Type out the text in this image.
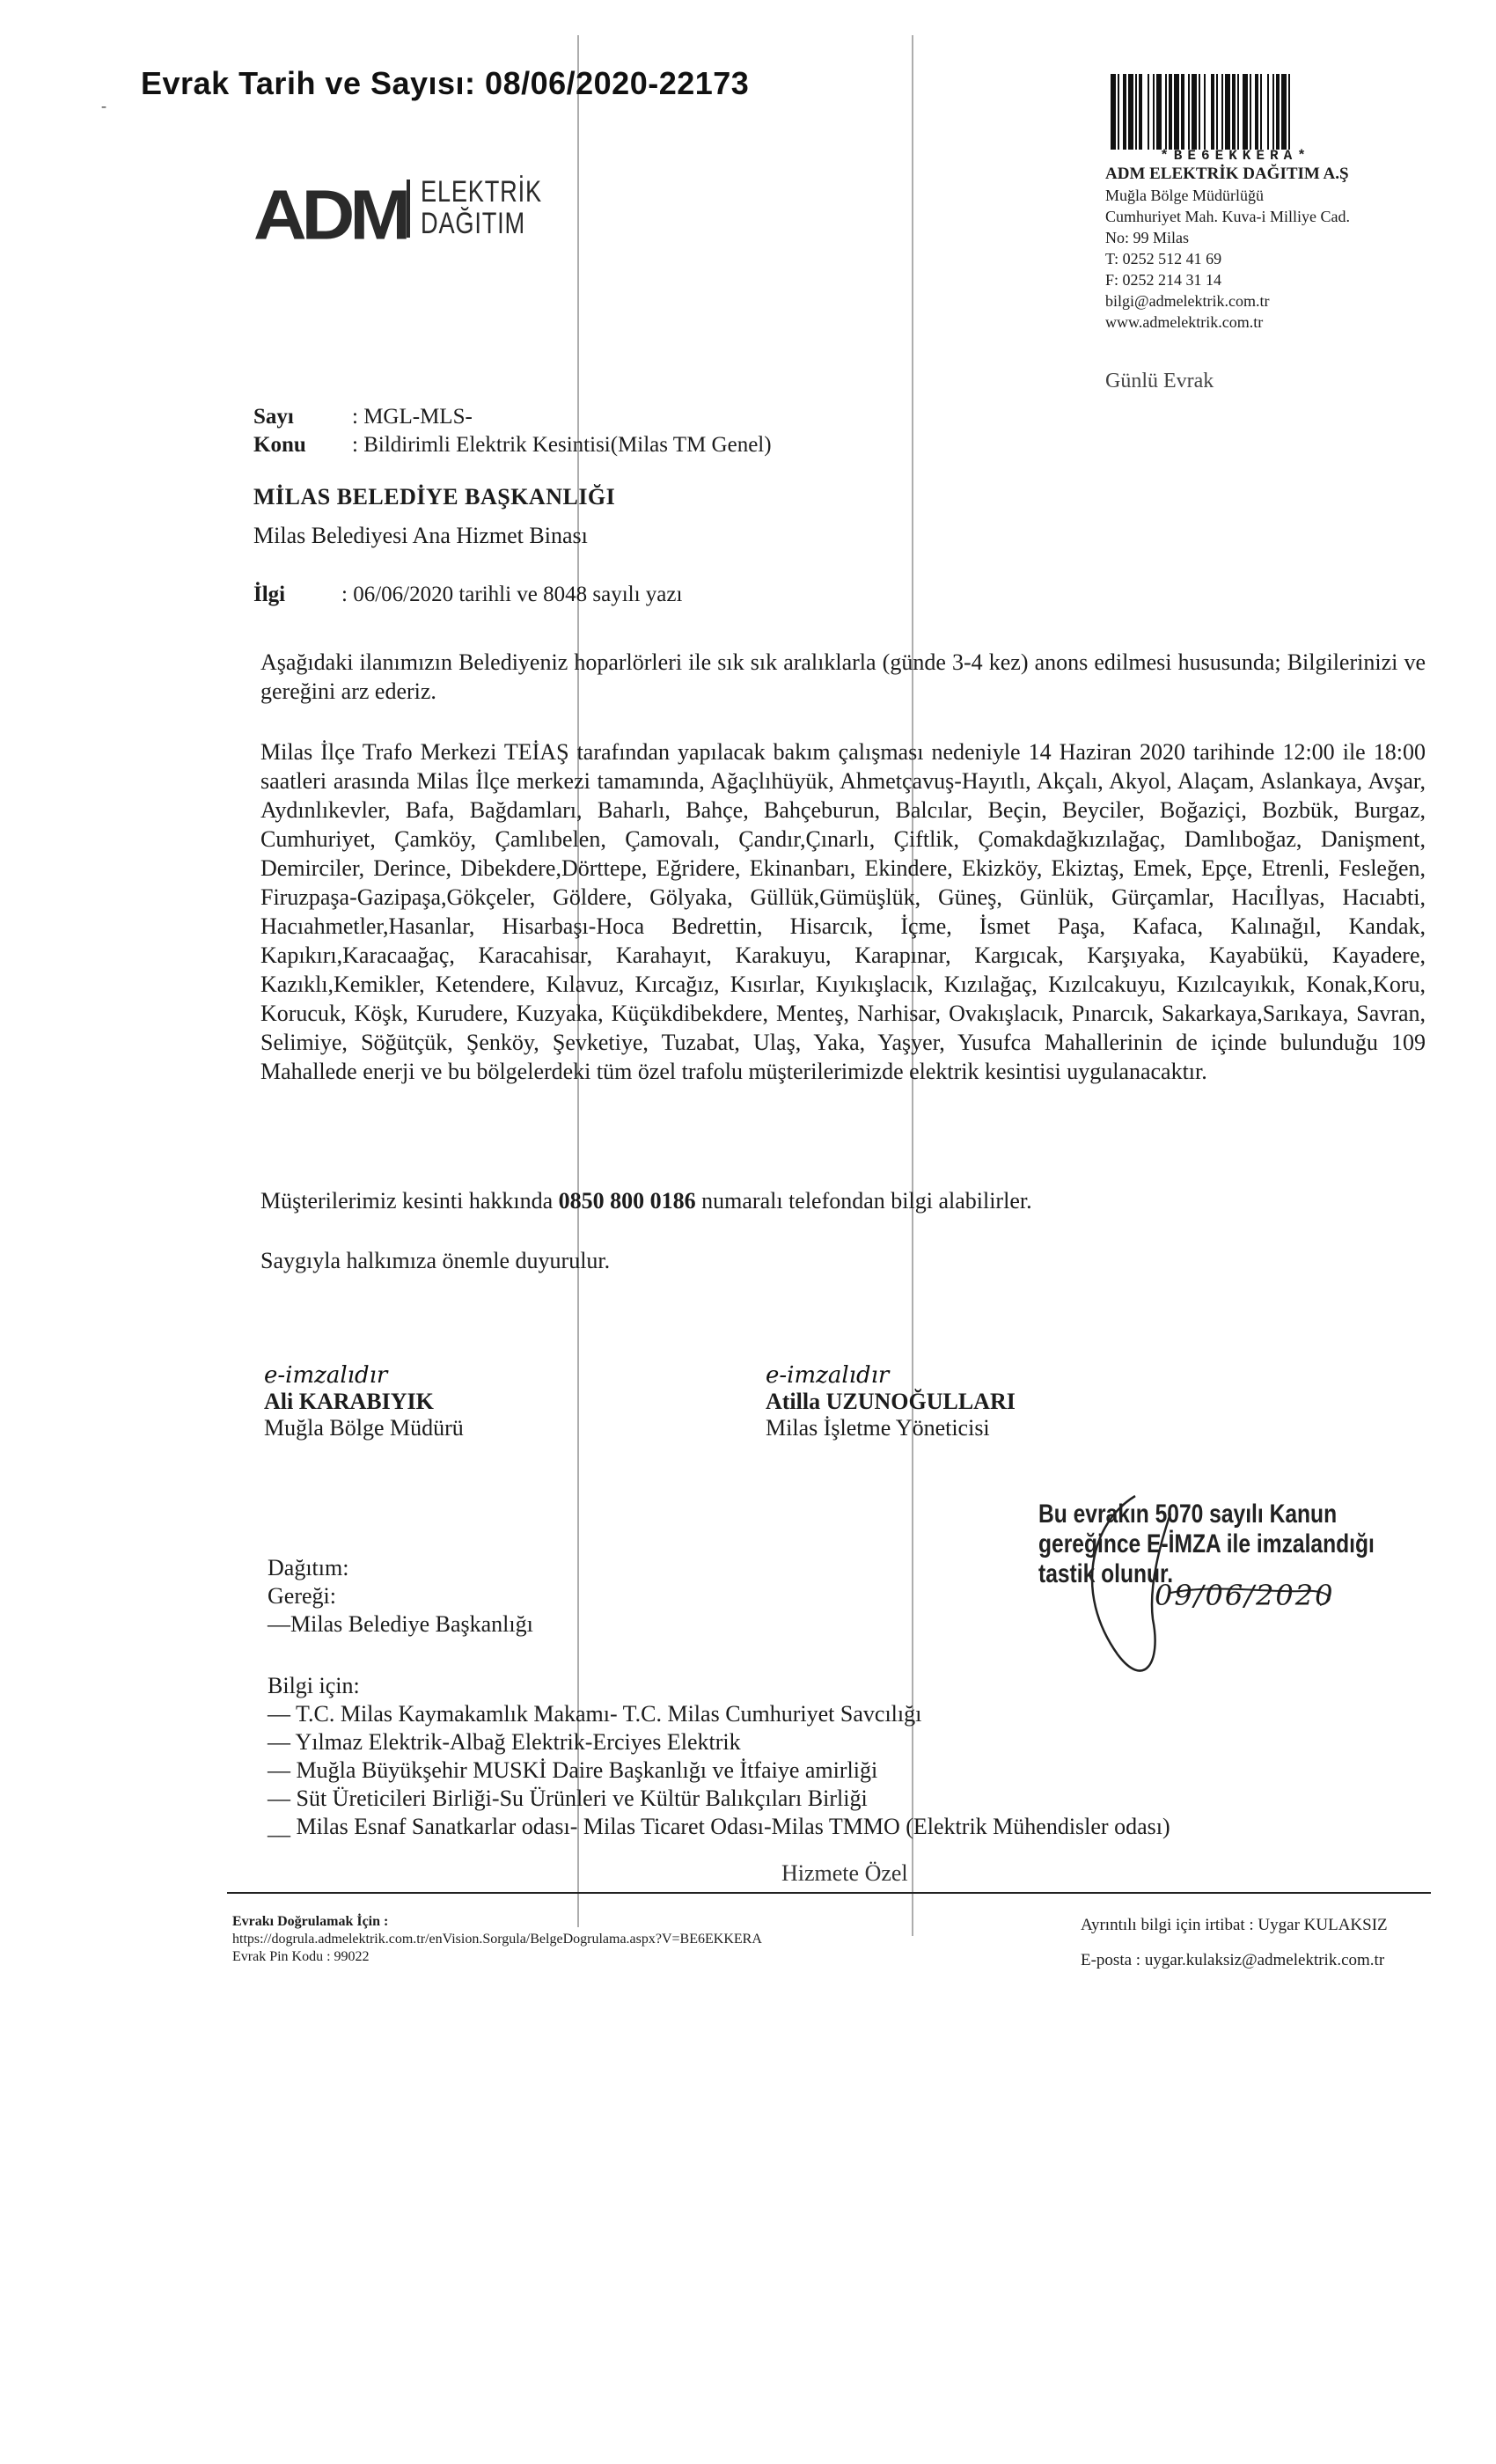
‑
Evrak Tarih ve Sayısı: 08/06/2020-22173
ADM ELEKTRİK
DAĞITIM
*BE6EKKERA*
ADM ELEKTRİK DAĞITIM A.Ş
Muğla Bölge Müdürlüğü
Cumhuriyet Mah. Kuva-i Milliye Cad.
No: 99 Milas
T: 0252 512 41 69
F: 0252 214 31 14
bilgi@admelektrik.com.tr
www.admelektrik.com.tr
Günlü Evrak
Sayı	: MGL-MLS-
Konu : Bildirimli Elektrik Kesintisi(Milas TM Genel)
MİLAS BELEDİYE BAŞKANLIĞI
Milas Belediyesi Ana Hizmet Binası
İlgi	: 06/06/2020 tarihli ve 8048 sayılı yazı

Aşağıdaki ilanımızın Belediyeniz hoparlörleri ile sık sık aralıklarla (günde 3-4 kez) anons edilmesi hususunda; Bilgilerinizi ve gereğini arz ederiz.

Milas İlçe Trafo Merkezi TEİAŞ tarafından yapılacak bakım çalışması nedeniyle 14 Haziran 2020 tarihinde 12:00 ile 18:00 saatleri arasında Milas İlçe merkezi tamamında, Ağaçlıhüyük, Ahmetçavuş-Hayıtlı, Akçalı, Akyol, Alaçam, Aslankaya, Avşar, Aydınlıkevler, Bafa, Bağdamları, Baharlı, Bahçe, Bahçeburun, Balcılar, Beçin, Beyciler, Boğaziçi, Bozbük, Burgaz, Cumhuriyet, Çamköy, Çamlıbelen, Çamovalı, Çandır,Çınarlı, Çiftlik, Çomakdağkızılağaç, Damlıboğaz, Danişment, Demirciler, Derince, Dibekdere,Dörttepe, Eğridere, Ekinanbarı, Ekindere, Ekizköy, Ekiztaş, Emek, Epçe, Etrenli, Fesleğen, Firuzpaşa-Gazipaşa,Gökçeler, Göldere, Gölyaka, Güllük,Gümüşlük, Güneş, Günlük, Gürçamlar, Hacıİlyas, Hacıabti, Hacıahmetler,Hasanlar, Hisarbaşı-Hoca Bedrettin, Hisarcık, İçme, İsmet Paşa, Kafaca, Kalınağıl, Kandak, Kapıkırı,Karacaağaç, Karacahisar, Karahayıt, Karakuyu, Karapınar, Kargıcak, Karşıyaka, Kayabükü, Kayadere, Kazıklı,Kemikler, Ketendere, Kılavuz, Kırcağız, Kısırlar, Kıyıkışlacık, Kızılağaç, Kızılcakuyu, Kızılcayıkık, Konak,Koru, Korucuk, Köşk, Kurudere, Kuzyaka, Küçükdibekdere, Menteş, Narhisar, Ovakışlacık, Pınarcık, Sakarkaya,Sarıkaya, Savran, Selimiye, Söğütçük, Şenköy, Şevketiye, Tuzabat, Ulaş, Yaka, Yaşyer, Yusufca Mahallerinin de içinde bulunduğu 109 Mahallede enerji ve bu bölgelerdeki tüm özel trafolu müşterilerimizde elektrik kesintisi uygulanacaktır.

Müşterilerimiz kesinti hakkında 0850 800 0186 numaralı telefondan bilgi alabilirler.

Saygıyla halkımıza önemle duyurulur.

e-imzalıdır
Ali KARABIYIK
Muğla Bölge Müdürü
e-imzalıdır
Atilla UZUNOĞULLARI
Milas İşletme Yöneticisi
Bu evrakın 5070 sayılı Kanun
gereğince E-İMZA ile imzalandığı
tastik olunur.
09/06/2020
Dağıtım:
Gereği:
—Milas Belediye Başkanlığı
Bilgi için:
— T.C. Milas Kaymakamlık Makamı- T.C. Milas Cumhuriyet Savcılığı
— Yılmaz Elektrik-Albağ Elektrik-Erciyes Elektrik
— Muğla Büyükşehir MUSKİ Daire Başkanlığı ve İtfaiye amirliği
— Süt Üreticileri Birliği-Su Ürünleri ve Kültür Balıkçıları Birliği
__ Milas Esnaf Sanatkarlar odası- Milas Ticaret Odası-Milas TMMO (Elektrik Mühendisler odası)
Hizmete Özel
Evrakı Doğrulamak İçin :
https://dogrula.admelektrik.com.tr/enVision.Sorgula/BelgeDogrulama.aspx?V=BE6EKKERA
Evrak Pin Kodu : 99022
Ayrıntılı bilgi için irtibat : Uygar KULAKSIZ
E-posta : uygar.kulaksiz@admelektrik.com.tr
